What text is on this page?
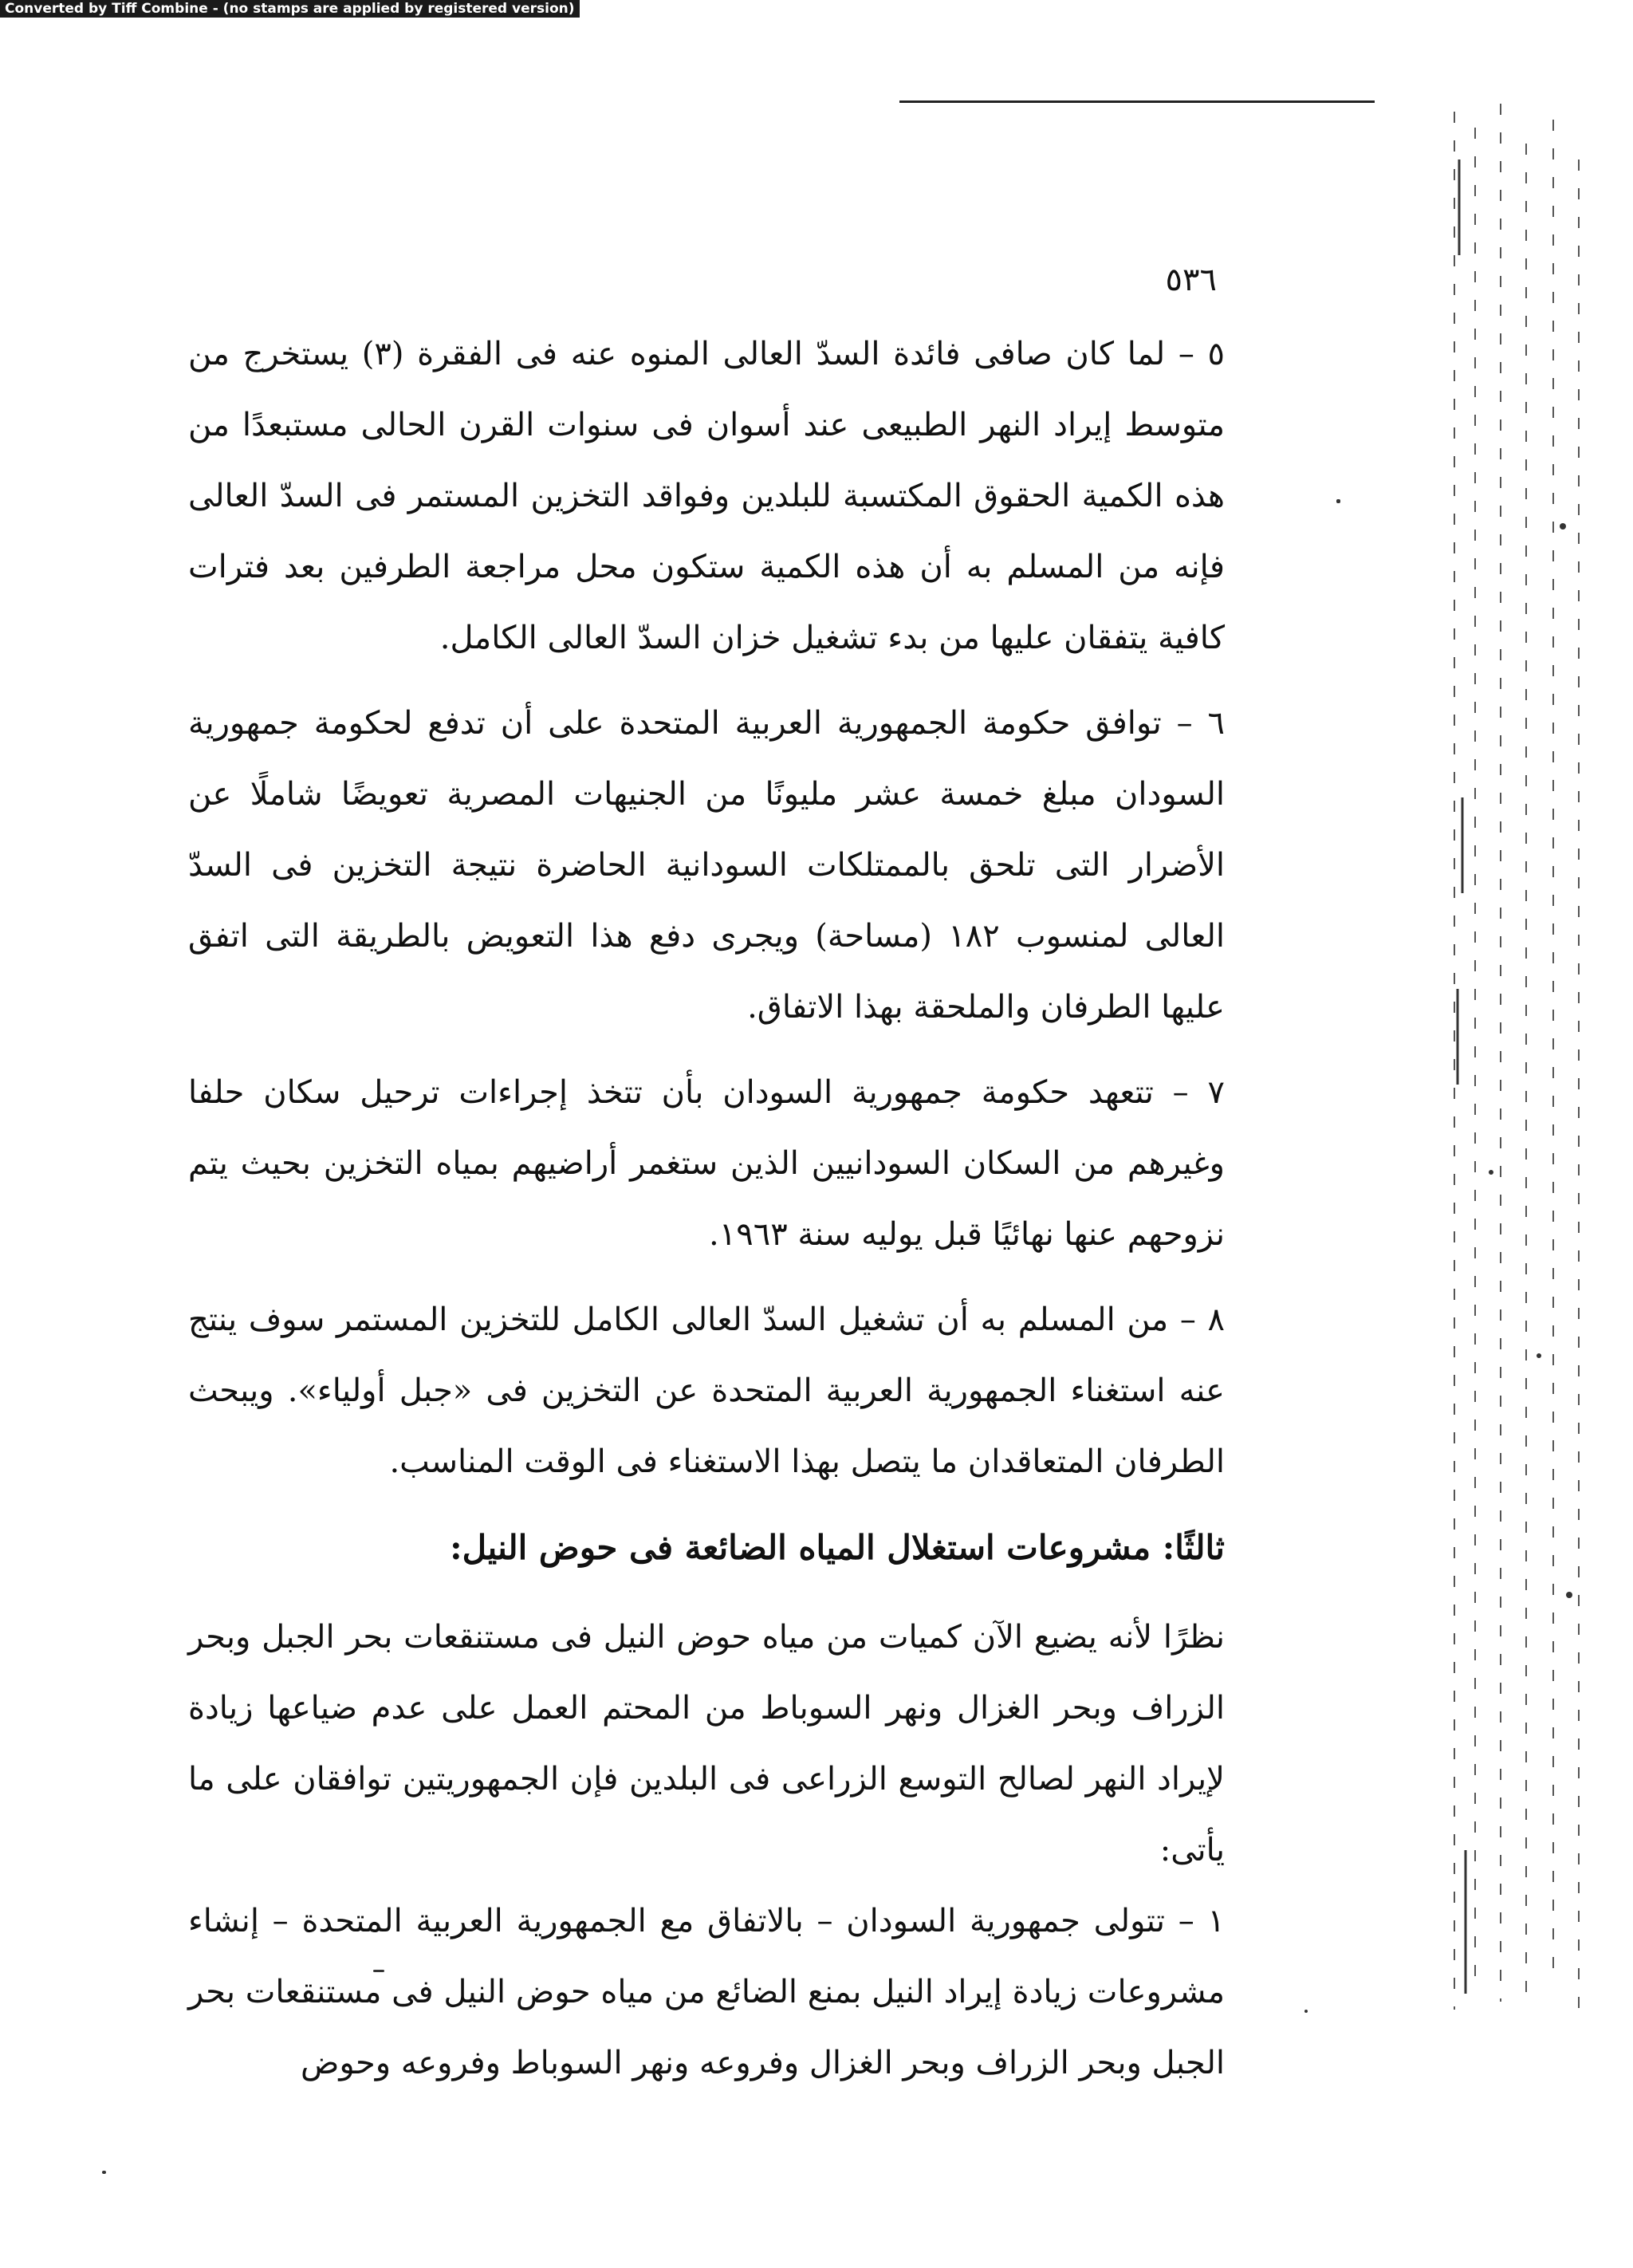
Converted by Tiff Combine - (no stamps are applied by registered version)
٥٣٦

٥ – لما كان صافى فائدة السدّ العالى المنوه عنه فى الفقرة (٣) يستخرج من متوسط إيراد النهر الطبيعى عند أسوان فى سنوات القرن الحالى مستبعدًا من هذه الكمية الحقوق المكتسبة للبلدين وفواقد التخزين المستمر فى السدّ العالى فإنه من المسلم به أن هذه الكمية ستكون محل مراجعة الطرفين بعد فترات كافية يتفقان عليها من بدء تشغيل خزان السدّ العالى الكامل.

٦ – توافق حكومة الجمهورية العربية المتحدة على أن تدفع لحكومة جمهورية السودان مبلغ خمسة عشر مليونًا من الجنيهات المصرية تعويضًا شاملًا عن الأضرار التى تلحق بالممتلكات السودانية الحاضرة نتيجة التخزين فى السدّ العالى لمنسوب ١٨٢ (مساحة) ويجرى دفع هذا التعويض بالطريقة التى اتفق عليها الطرفان والملحقة بهذا الاتفاق.

٧ – تتعهد حكومة جمهورية السودان بأن تتخذ إجراءات ترحيل سكان حلفا وغيرهم من السكان السودانيين الذين ستغمر أراضيهم بمياه التخزين بحيث يتم نزوحهم عنها نهائيًا قبل يوليه سنة ١٩٦٣.

٨ – من المسلم به أن تشغيل السدّ العالى الكامل للتخزين المستمر سوف ينتج عنه استغناء الجمهورية العربية المتحدة عن التخزين فى «جبل أولياء». ويبحث الطرفان المتعاقدان ما يتصل بهذا الاستغناء فى الوقت المناسب.

ثالثًا: مشروعات استغلال المياه الضائعة فى حوض النيل:

نظرًا لأنه يضيع الآن كميات من مياه حوض النيل فى مستنقعات بحر الجبل وبحر الزراف وبحر الغزال ونهر السوباط من المحتم العمل على عدم ضياعها زيادة لإيراد النهر لصالح التوسع الزراعى فى البلدين فإن الجمهوريتين توافقان على ما يأتى:

١ – تتولى جمهورية السودان – بالاتفاق مع الجمهورية العربية المتحدة – إنشاء مشروعات زيادة إيراد النيل بمنع الضائع من مياه حوض النيل فى مستنقعات بحر الجبل وبحر الزراف وبحر الغزال وفروعه ونهر السوباط وفروعه وحوض
